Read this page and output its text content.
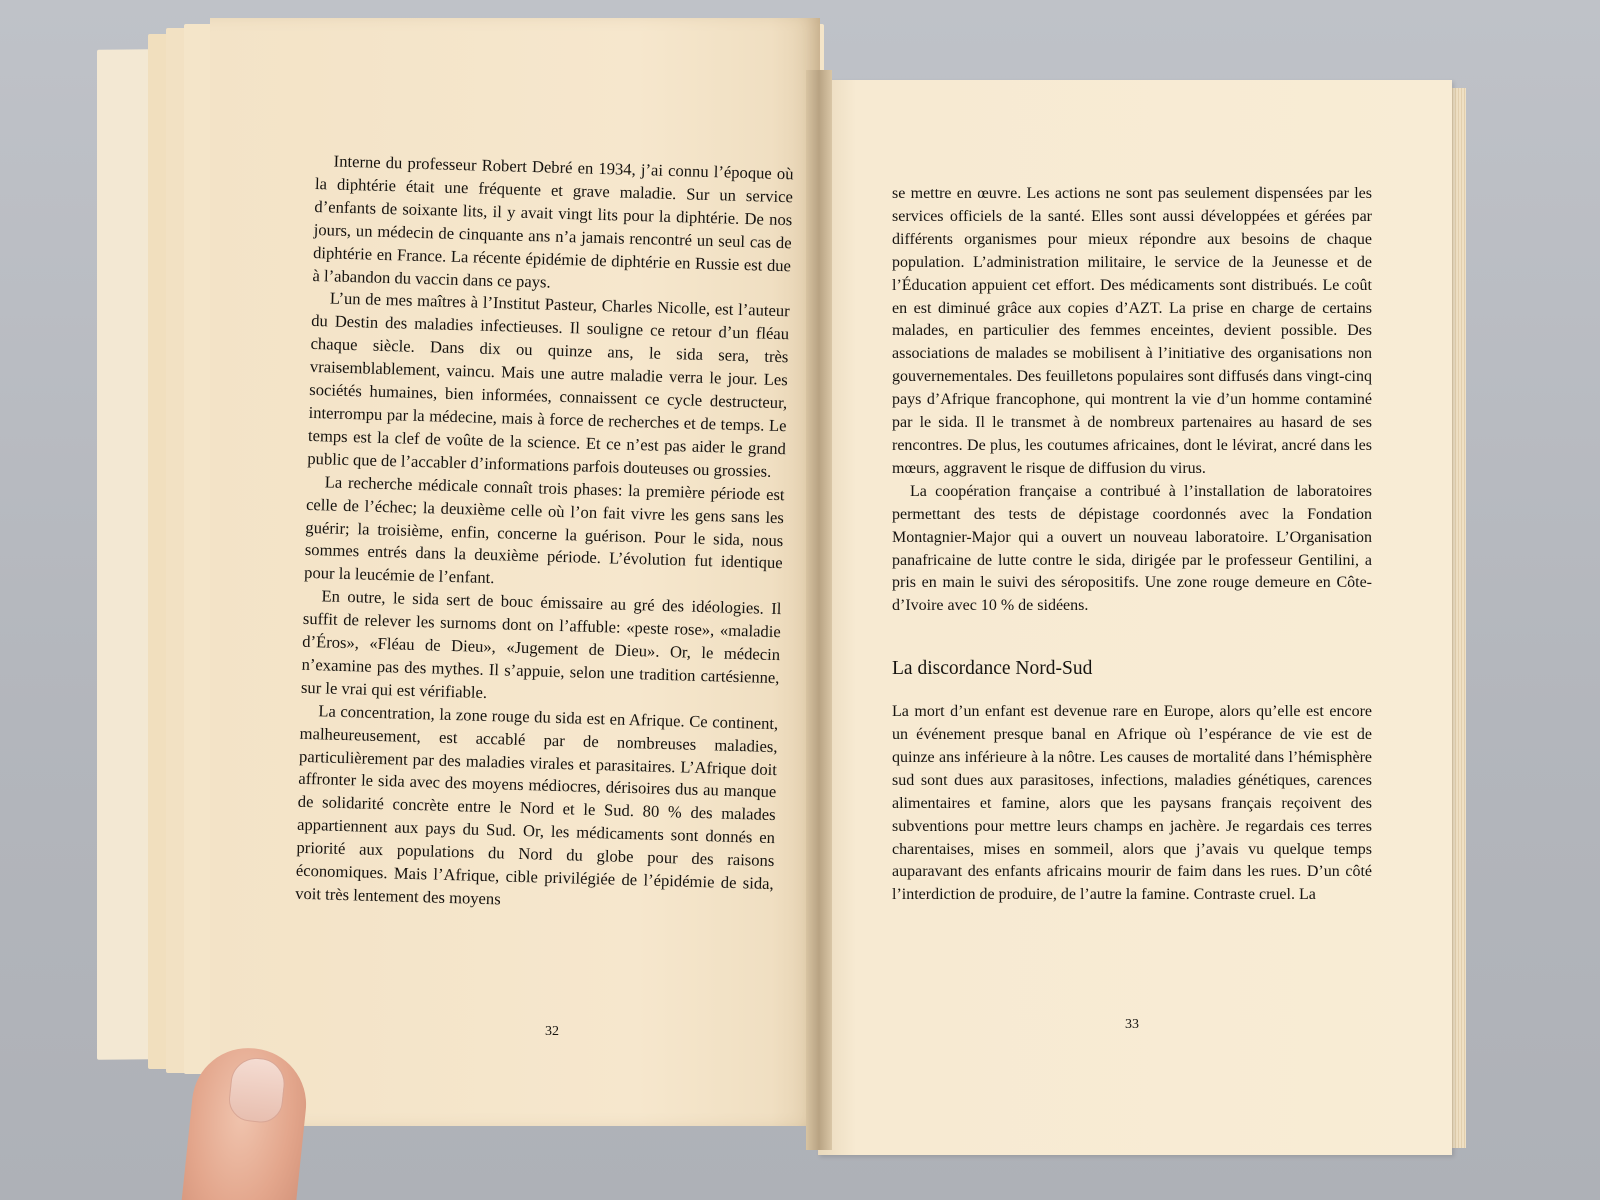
Interne du professeur Robert Debré en 1934, j’ai connu l’époque où la diphtérie était une fréquente et grave maladie. Sur un service d’enfants de soixante lits, il y avait vingt lits pour la diphtérie. De nos jours, un médecin de cinquante ans n’a jamais rencontré un seul cas de diphtérie en France. La récente épidémie de diphtérie en Russie est due à l’abandon du vaccin dans ce pays.

L’un de mes maîtres à l’Institut Pasteur, Charles Nicolle, est l’auteur du Destin des maladies infectieuses. Il souligne ce retour d’un fléau chaque siècle. Dans dix ou quinze ans, le sida sera, très vraisemblablement, vaincu. Mais une autre maladie verra le jour. Les sociétés humaines, bien informées, connaissent ce cycle destructeur, interrompu par la médecine, mais à force de recherches et de temps. Le temps est la clef de voûte de la science. Et ce n’est pas aider le grand public que de l’accabler d’informations parfois douteuses ou grossies.

La recherche médicale connaît trois phases: la première période est celle de l’échec; la deuxième celle où l’on fait vivre les gens sans les guérir; la troisième, enfin, concerne la guérison. Pour le sida, nous sommes entrés dans la deuxième période. L’évolution fut identique pour la leucémie de l’enfant.

En outre, le sida sert de bouc émissaire au gré des idéologies. Il suffit de relever les surnoms dont on l’affuble: «peste rose», «maladie d’Éros», «Fléau de Dieu», «Jugement de Dieu». Or, le médecin n’examine pas des mythes. Il s’appuie, selon une tradition cartésienne, sur le vrai qui est vérifiable.

La concentration, la zone rouge du sida est en Afrique. Ce continent, malheureusement, est accablé par de nombreuses maladies, particulièrement par des maladies virales et parasitaires. L’Afrique doit affronter le sida avec des moyens médiocres, dérisoires dus au manque de solidarité concrète entre le Nord et le Sud. 80 % des malades appartiennent aux pays du Sud. Or, les médicaments sont donnés en priorité aux populations du Nord du globe pour des raisons économiques. Mais l’Afrique, cible privilégiée de l’épidémie de sida, voit très lentement des moyens

32

se mettre en œuvre. Les actions ne sont pas seulement dispensées par les services officiels de la santé. Elles sont aussi développées et gérées par différents organismes pour mieux répondre aux besoins de chaque population. L’administration militaire, le service de la Jeunesse et de l’Éducation appuient cet effort. Des médicaments sont distribués. Le coût en est diminué grâce aux copies d’AZT. La prise en charge de certains malades, en particulier des femmes enceintes, devient possible. Des associations de malades se mobilisent à l’initiative des organisations non gouvernementales. Des feuilletons populaires sont diffusés dans vingt-cinq pays d’Afrique francophone, qui montrent la vie d’un homme contaminé par le sida. Il le transmet à de nombreux partenaires au hasard de ses rencontres. De plus, les coutumes africaines, dont le lévirat, ancré dans les mœurs, aggravent le risque de diffusion du virus.

La coopération française a contribué à l’installation de laboratoires permettant des tests de dépistage coordonnés avec la Fondation Montagnier-Major qui a ouvert un nouveau laboratoire. L’Organisation panafricaine de lutte contre le sida, dirigée par le professeur Gentilini, a pris en main le suivi des séropositifs. Une zone rouge demeure en Côte-d’Ivoire avec 10 % de sidéens.

La discordance Nord-Sud

La mort d’un enfant est devenue rare en Europe, alors qu’elle est encore un événement presque banal en Afrique où l’espérance de vie est de quinze ans inférieure à la nôtre. Les causes de mortalité dans l’hémisphère sud sont dues aux parasitoses, infections, maladies génétiques, carences alimentaires et famine, alors que les paysans français reçoivent des subventions pour mettre leurs champs en jachère. Je regardais ces terres charentaises, mises en sommeil, alors que j’avais vu quelque temps auparavant des enfants africains mourir de faim dans les rues. D’un côté l’interdiction de produire, de l’autre la famine. Contraste cruel. La

33
